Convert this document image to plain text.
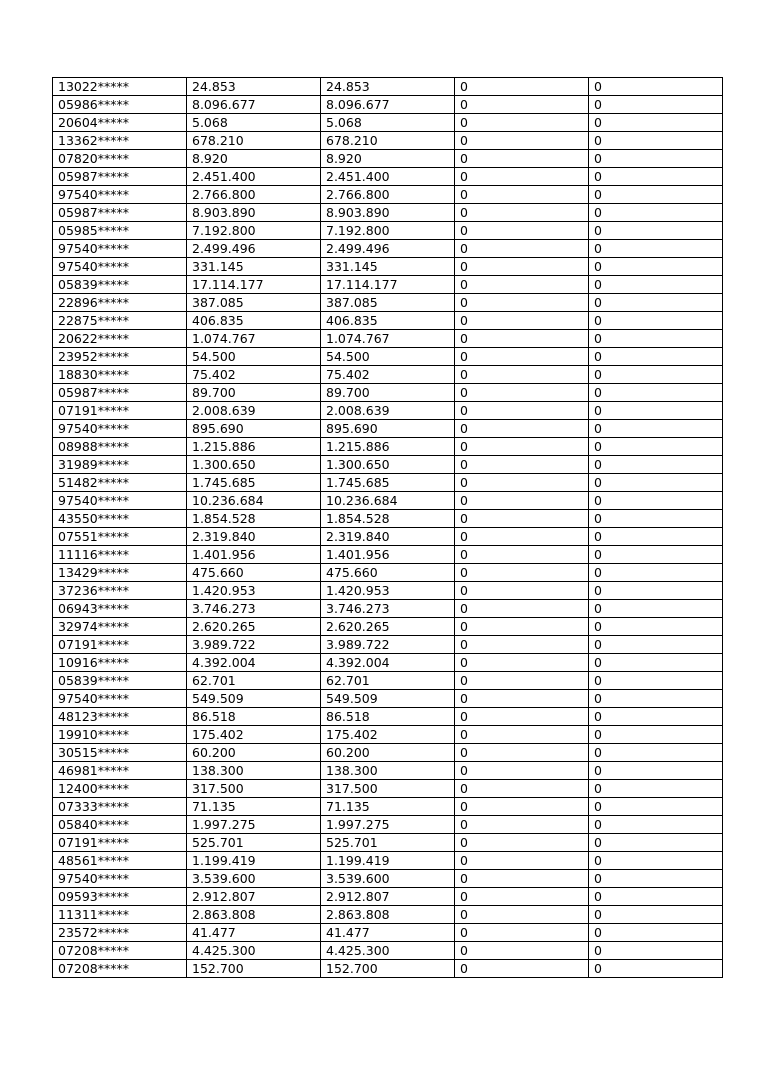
13022*****	24.853	24.853	0	0
05986*****	8.096.677	8.096.677	0	0
20604*****	5.068	5.068	0	0
13362*****	678.210	678.210	0	0
07820*****	8.920	8.920	0	0
05987*****	2.451.400	2.451.400	0	0
97540*****	2.766.800	2.766.800	0	0
05987*****	8.903.890	8.903.890	0	0
05985*****	7.192.800	7.192.800	0	0
97540*****	2.499.496	2.499.496	0	0
97540*****	331.145	331.145	0	0
05839*****	17.114.177	17.114.177	0	0
22896*****	387.085	387.085	0	0
22875*****	406.835	406.835	0	0
20622*****	1.074.767	1.074.767	0	0
23952*****	54.500	54.500	0	0
18830*****	75.402	75.402	0	0
05987*****	89.700	89.700	0	0
07191*****	2.008.639	2.008.639	0	0
97540*****	895.690	895.690	0	0
08988*****	1.215.886	1.215.886	0	0
31989*****	1.300.650	1.300.650	0	0
51482*****	1.745.685	1.745.685	0	0
97540*****	10.236.684	10.236.684	0	0
43550*****	1.854.528	1.854.528	0	0
07551*****	2.319.840	2.319.840	0	0
11116*****	1.401.956	1.401.956	0	0
13429*****	475.660	475.660	0	0
37236*****	1.420.953	1.420.953	0	0
06943*****	3.746.273	3.746.273	0	0
32974*****	2.620.265	2.620.265	0	0
07191*****	3.989.722	3.989.722	0	0
10916*****	4.392.004	4.392.004	0	0
05839*****	62.701	62.701	0	0
97540*****	549.509	549.509	0	0
48123*****	86.518	86.518	0	0
19910*****	175.402	175.402	0	0
30515*****	60.200	60.200	0	0
46981*****	138.300	138.300	0	0
12400*****	317.500	317.500	0	0
07333*****	71.135	71.135	0	0
05840*****	1.997.275	1.997.275	0	0
07191*****	525.701	525.701	0	0
48561*****	1.199.419	1.199.419	0	0
97540*****	3.539.600	3.539.600	0	0
09593*****	2.912.807	2.912.807	0	0
11311*****	2.863.808	2.863.808	0	0
23572*****	41.477	41.477	0	0
07208*****	4.425.300	4.425.300	0	0
07208*****	152.700	152.700	0	0
